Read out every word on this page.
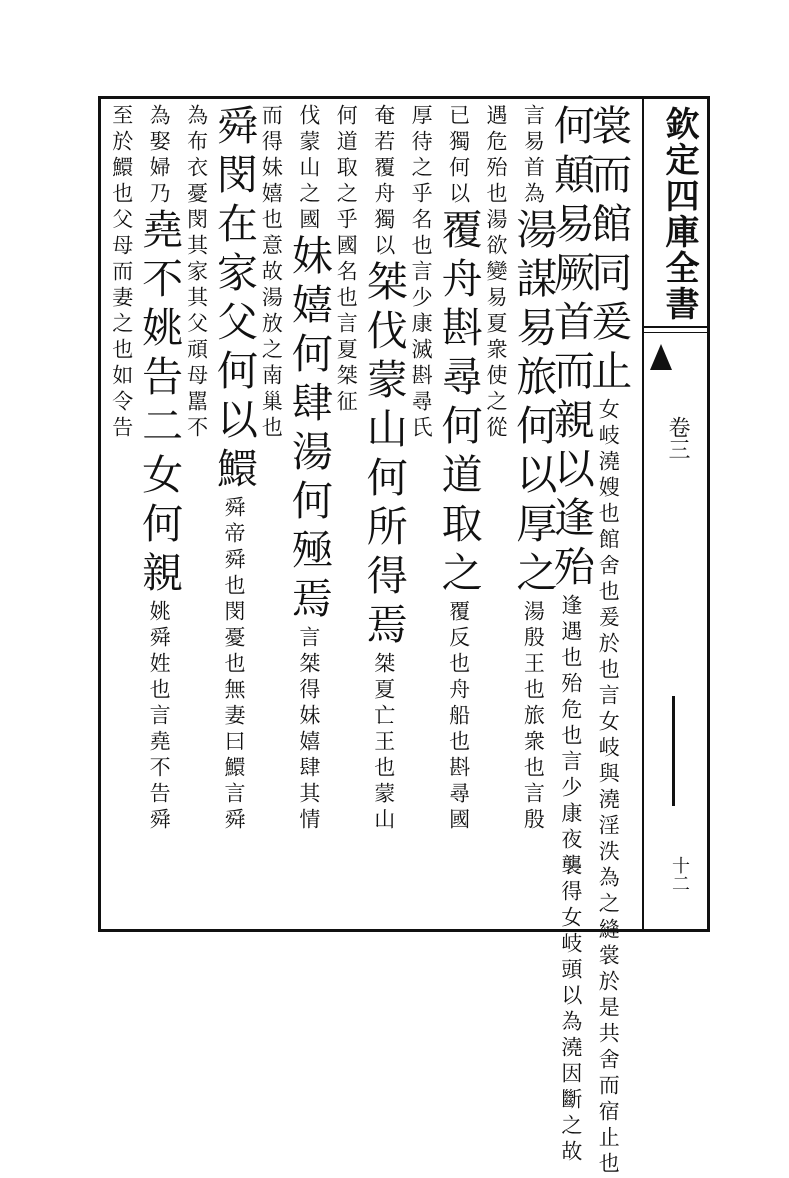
欽定四庫全書
卷三
十二
裳而館同爰止女岐澆嫂也館舍也爰於也言女岐與澆淫泆為之縫裳於是共舍而宿止也
何顛易厥首而親以逢殆逢遇也殆危也言少康夜襲得女岐頭以為澆因斷之故
言易首為湯謀易旅何以厚之湯殷王也旅衆也言殷
遇危殆也湯欲變易夏衆使之從
已獨何以覆舟斟尋何道取之覆反也舟船也斟尋國
厚待之乎名也言少康滅斟尋氏
奄若覆舟獨以桀伐蒙山何所得焉桀夏亡王也蒙山
何道取之乎國名也言夏桀征
伐蒙山之國妹嬉何肆湯何殛焉言桀得妹嬉肆其情
而得妹嬉也意故湯放之南巢也
舜閔在家父何以鱞舜帝舜也閔憂也無妻曰鱞言舜
為布衣憂閔其家其父頑母嚚不
為娶婦乃堯不姚告二女何親姚舜姓也言堯不告舜
至於鱞也父母而妻之也如令告
